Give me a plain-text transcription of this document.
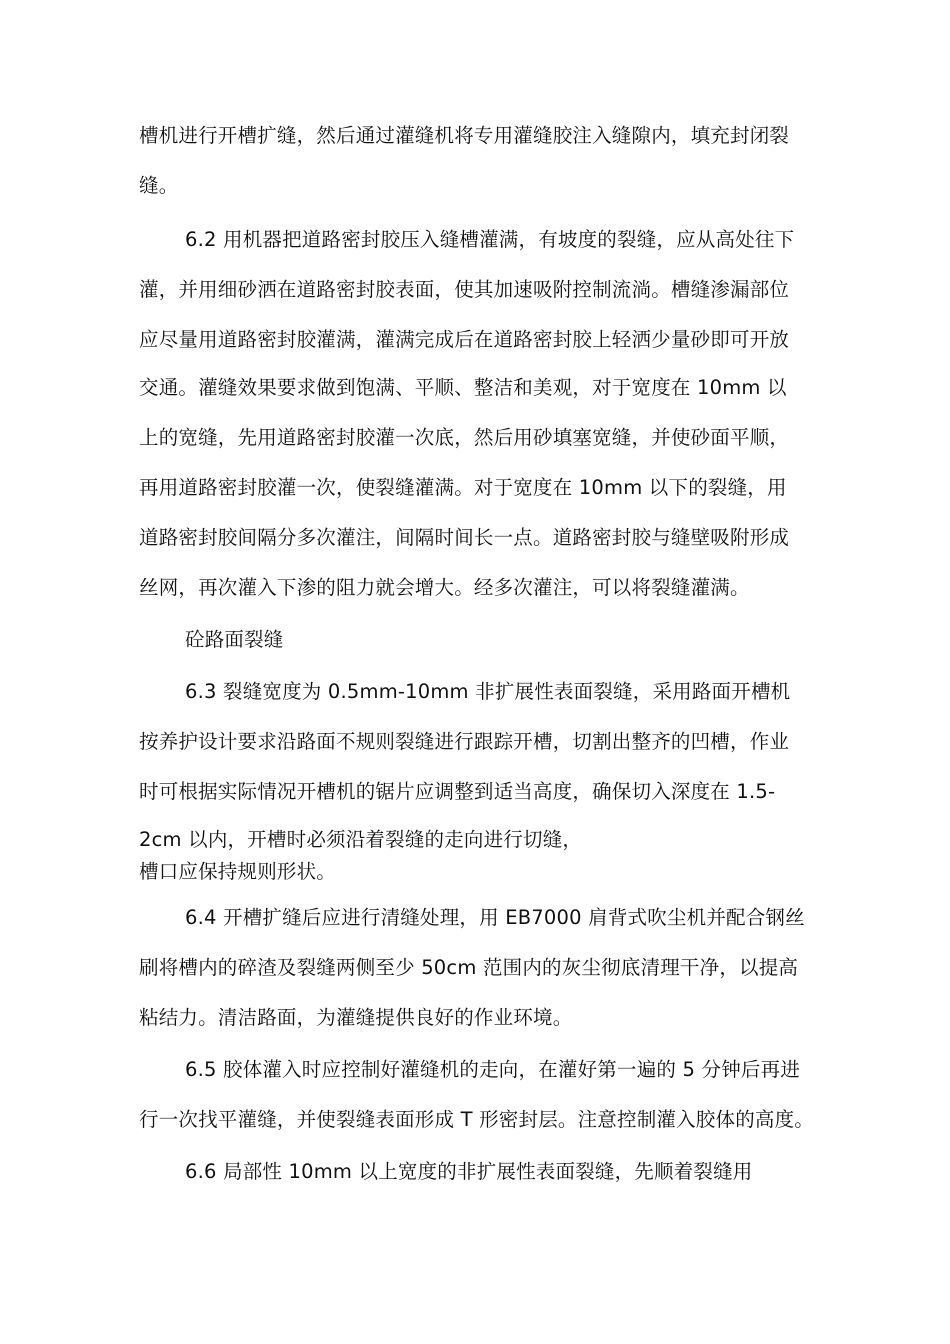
槽机进行开槽扩缝，然后通过灌缝机将专用灌缝胶注入缝隙内，填充封闭裂
缝。
6.2 用机器把道路密封胶压入缝槽灌满，有坡度的裂缝，应从高处往下
灌，并用细砂洒在道路密封胶表面，使其加速吸附控制流淌。槽缝渗漏部位
应尽量用道路密封胶灌满，灌满完成后在道路密封胶上轻洒少量砂即可开放
交通。灌缝效果要求做到饱满、平顺、整洁和美观，对于宽度在 10mm 以
上的宽缝，先用道路密封胶灌一次底，然后用砂填塞宽缝，并使砂面平顺，
再用道路密封胶灌一次，使裂缝灌满。对于宽度在 10mm 以下的裂缝，用
道路密封胶间隔分多次灌注，间隔时间长一点。道路密封胶与缝壁吸附形成
丝网，再次灌入下渗的阻力就会增大。经多次灌注，可以将裂缝灌满。
砼路面裂缝
6.3 裂缝宽度为 0.5mm-10mm 非扩展性表面裂缝，采用路面开槽机
按养护设计要求沿路面不规则裂缝进行跟踪开槽，切割出整齐的凹槽，作业
时可根据实际情况开槽机的锯片应调整到适当高度，确保切入深度在 1.5-
2cm 以内，开槽时必须沿着裂缝的走向进行切缝，
槽口应保持规则形状。
6.4 开槽扩缝后应进行清缝处理，用 EB7000 肩背式吹尘机并配合钢丝
刷将槽内的碎渣及裂缝两侧至少 50cm 范围内的灰尘彻底清理干净，以提高
粘结力。清洁路面，为灌缝提供良好的作业环境。
6.5 胶体灌入时应控制好灌缝机的走向，在灌好第一遍的 5 分钟后再进
行一次找平灌缝，并使裂缝表面形成 T 形密封层。注意控制灌入胶体的高度。
6.6 局部性 10mm 以上宽度的非扩展性表面裂缝，先顺着裂缝用
